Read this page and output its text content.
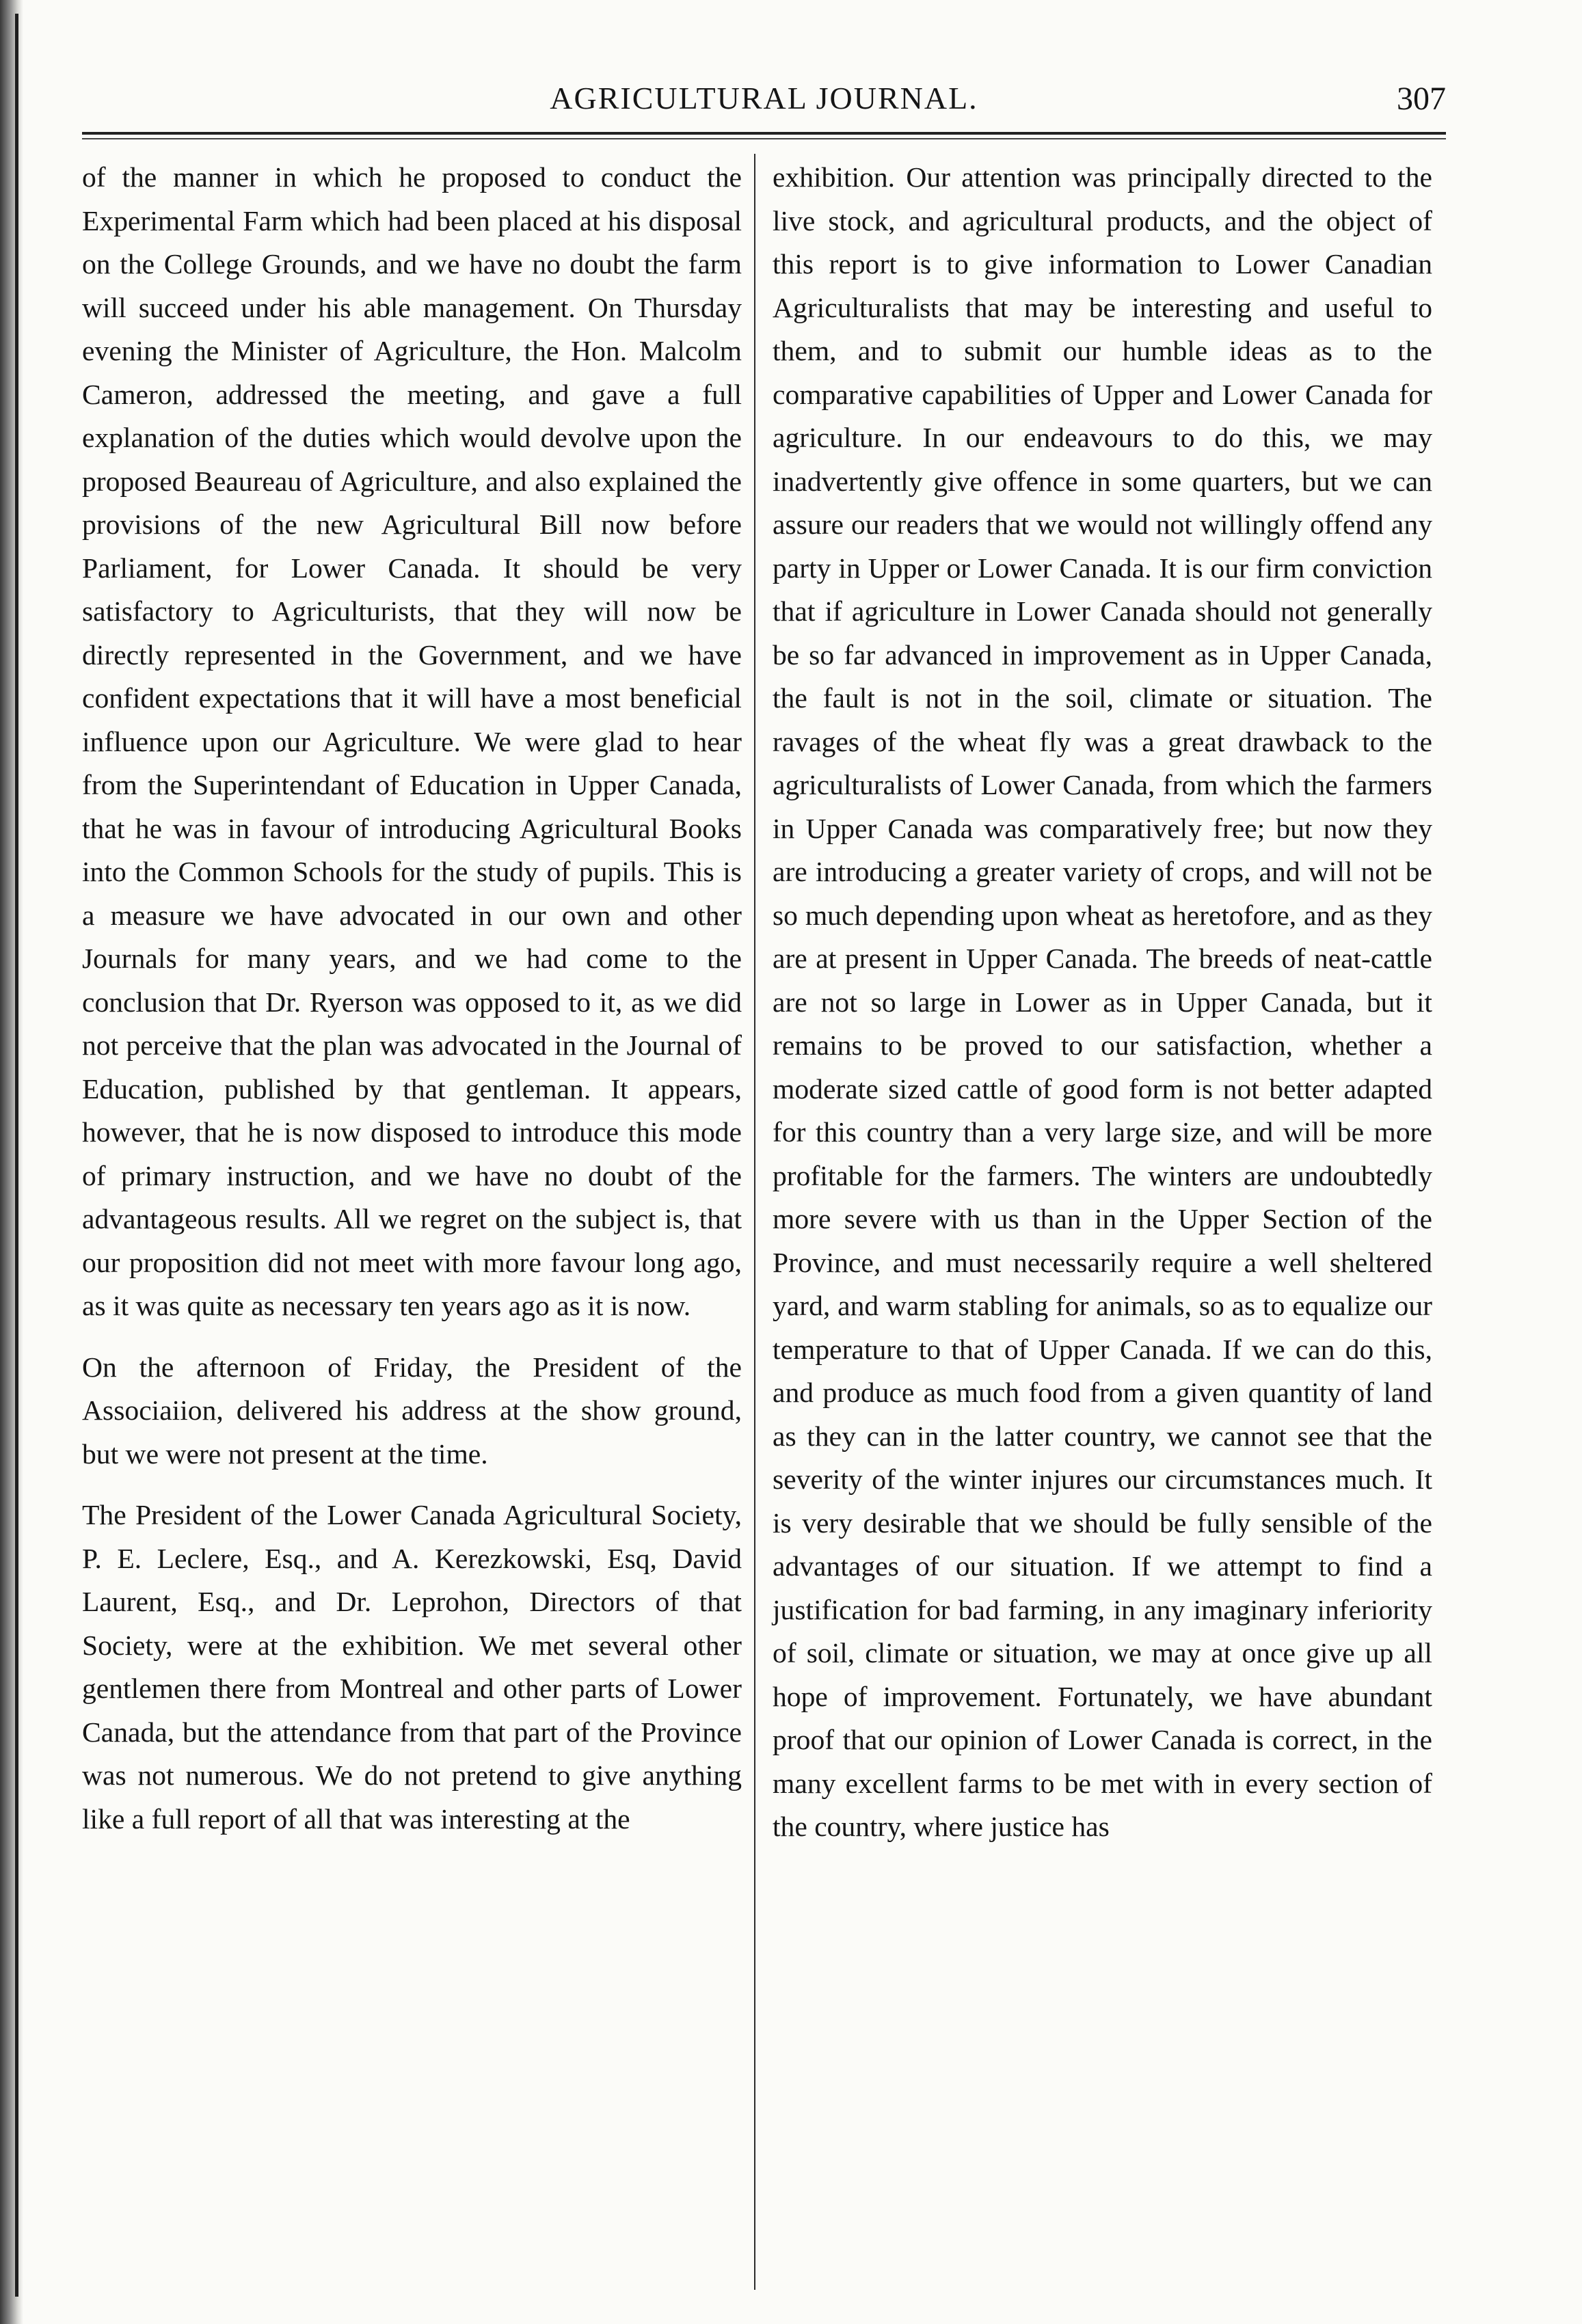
AGRICULTURAL JOURNAL.	307

of the manner in which he proposed to conduct the Experimental Farm which had been placed at his disposal on the College Grounds, and we have no doubt the farm will succeed under his able management. On Thursday evening the Minister of Agriculture, the Hon. Malcolm Cameron, addressed the meeting, and gave a full explanation of the duties which would devolve upon the proposed Beaureau of Agriculture, and also explained the provisions of the new Agricultural Bill now before Parliament, for Lower Canada. It should be very satisfactory to Agriculturists, that they will now be directly represented in the Government, and we have confident expectations that it will have a most beneficial influence upon our Agriculture. We were glad to hear from the Superintendant of Education in Upper Canada, that he was in favour of introducing Agricultural Books into the Common Schools for the study of pupils. This is a measure we have advocated in our own and other Journals for many years, and we had come to the conclusion that Dr. Ryerson was opposed to it, as we did not perceive that the plan was advocated in the Journal of Education, published by that gentleman. It appears, however, that he is now disposed to introduce this mode of primary instruction, and we have no doubt of the advantageous results. All we regret on the subject is, that our proposition did not meet with more favour long ago, as it was quite as necessary ten years ago as it is now.

On the afternoon of Friday, the President of the Associaiion, delivered his address at the show ground, but we were not present at the time.

The President of the Lower Canada Agricultural Society, P. E. Leclere, Esq., and A. Kerezkowski, Esq, David Laurent, Esq., and Dr. Leprohon, Directors of that Society, were at the exhibition. We met several other gentlemen there from Montreal and other parts of Lower Canada, but the attendance from that part of the Province was not numerous. We do not pretend to give anything like a full report of all that was interesting at the

exhibition. Our attention was principally directed to the live stock, and agricultural products, and the object of this report is to give information to Lower Canadian Agriculturalists that may be interesting and useful to them, and to submit our humble ideas as to the comparative capabilities of Upper and Lower Canada for agriculture. In our endeavours to do this, we may inadvertently give offence in some quarters, but we can assure our readers that we would not willingly offend any party in Upper or Lower Canada. It is our firm conviction that if agriculture in Lower Canada should not generally be so far advanced in improvement as in Upper Canada, the fault is not in the soil, climate or situation. The ravages of the wheat fly was a great drawback to the agriculturalists of Lower Canada, from which the farmers in Upper Canada was comparatively free; but now they are introducing a greater variety of crops, and will not be so much depending upon wheat as heretofore, and as they are at present in Upper Canada. The breeds of neat-cattle are not so large in Lower as in Upper Canada, but it remains to be proved to our satisfaction, whether a moderate sized cattle of good form is not better adapted for this country than a very large size, and will be more profitable for the farmers. The winters are undoubtedly more severe with us than in the Upper Section of the Province, and must necessarily require a well sheltered yard, and warm stabling for animals, so as to equalize our temperature to that of Upper Canada. If we can do this, and produce as much food from a given quantity of land as they can in the latter country, we cannot see that the severity of the winter injures our circumstances much. It is very desirable that we should be fully sensible of the advantages of our situation. If we attempt to find a justification for bad farming, in any imaginary inferiority of soil, climate or situation, we may at once give up all hope of improvement. Fortunately, we have abundant proof that our opinion of Lower Canada is correct, in the many excellent farms to be met with in every section of the country, where justice has
